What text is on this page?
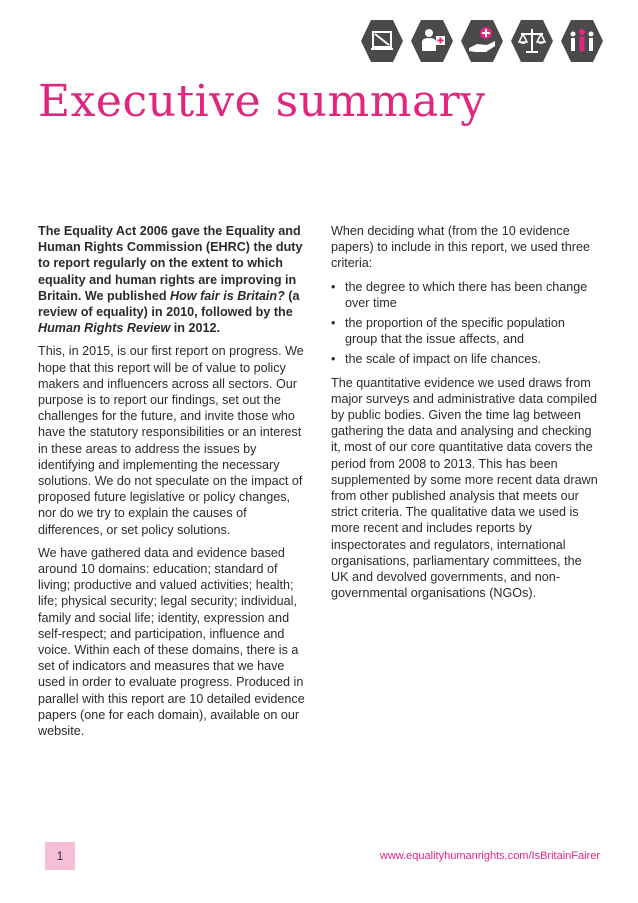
Executive summary

The Equality Act 2006 gave the Equality and Human Rights Commission (EHRC) the duty to report regularly on the extent to which equality and human rights are improving in Britain. We published How fair is Britain? (a review of equality) in 2010, followed by the Human Rights Review in 2012.

This, in 2015, is our first report on progress. We hope that this report will be of value to policy makers and influencers across all sectors. Our purpose is to report our findings, set out the challenges for the future, and invite those who have the statutory responsibilities or an interest in these areas to address the issues by identifying and implementing the necessary solutions. We do not speculate on the impact of proposed future legislative or policy changes, nor do we try to explain the causes of differences, or set policy solutions.

We have gathered data and evidence based around 10 domains: education; standard of living; productive and valued activities; health; life; physical security; legal security; individual, family and social life; identity, expression and self-respect; and participation, influence and voice. Within each of these domains, there is a set of indicators and measures that we have used in order to evaluate progress. Produced in parallel with this report are 10 detailed evidence papers (one for each domain), available on our website.

When deciding what (from the 10 evidence papers) to include in this report, we used three criteria:

• the degree to which there has been change over time
• the proportion of the specific population group that the issue affects, and
• the scale of impact on life chances.

The quantitative evidence we used draws from major surveys and administrative data compiled by public bodies. Given the time lag between gathering the data and analysing and checking it, most of our core quantitative data covers the period from 2008 to 2013. This has been supplemented by some more recent data drawn from other published analysis that meets our strict criteria. The qualitative data we used is more recent and includes reports by inspectorates and regulators, international organisations, parliamentary committees, the UK and devolved governments, and non-governmental organisations (NGOs).

1	www.equalityhumanrights.com/IsBritainFairer
